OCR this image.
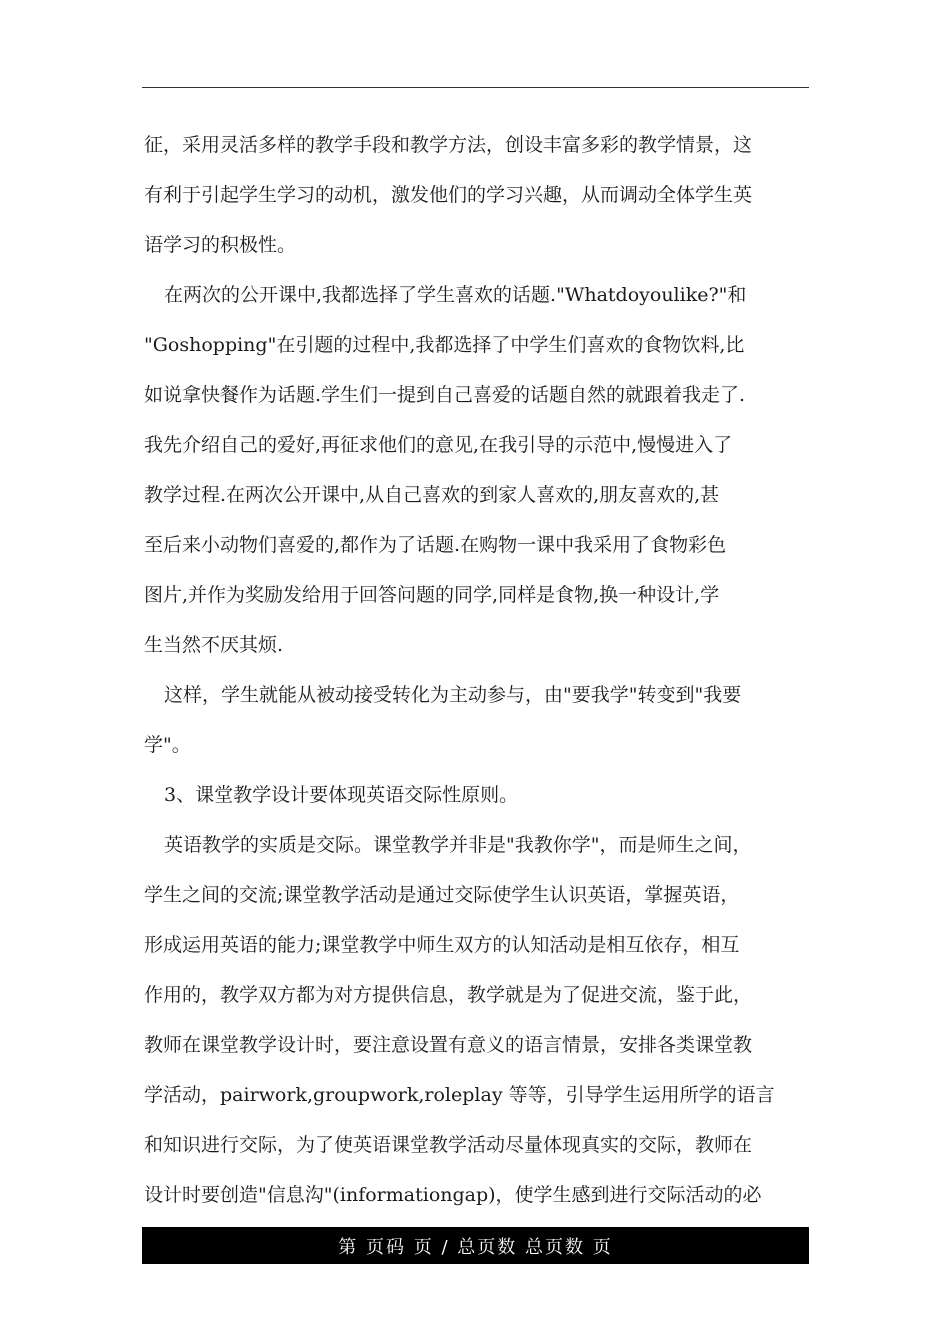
征，采用灵活多样的教学手段和教学方法，创设丰富多彩的教学情景，这
有利于引起学生学习的动机，激发他们的学习兴趣，从而调动全体学生英
语学习的积极性。
在两次的公开课中,我都选择了学生喜欢的话题."Whatdoyoulike?"和
"Goshopping"在引题的过程中,我都选择了中学生们喜欢的食物饮料,比
如说拿快餐作为话题.学生们一提到自己喜爱的话题自然的就跟着我走了.
我先介绍自己的爱好,再征求他们的意见,在我引导的示范中,慢慢进入了
教学过程.在两次公开课中,从自己喜欢的到家人喜欢的,朋友喜欢的,甚
至后来小动物们喜爱的,都作为了话题.在购物一课中我采用了食物彩色
图片,并作为奖励发给用于回答问题的同学,同样是食物,换一种设计,学
生当然不厌其烦.
这样，学生就能从被动接受转化为主动参与，由"要我学"转变到"我要
学"。
3、课堂教学设计要体现英语交际性原则。
英语教学的实质是交际。课堂教学并非是"我教你学"，而是师生之间，
学生之间的交流;课堂教学活动是通过交际使学生认识英语，掌握英语，
形成运用英语的能力;课堂教学中师生双方的认知活动是相互依存，相互
作用的，教学双方都为对方提供信息，教学就是为了促进交流，鉴于此，
教师在课堂教学设计时，要注意设置有意义的语言情景，安排各类课堂教
学活动，pairwork,groupwork,roleplay 等等，引导学生运用所学的语言
和知识进行交际，为了使英语课堂教学活动尽量体现真实的交际，教师在
设计时要创造"信息沟"(informationgap)，使学生感到进行交际活动的必
第 页码 页 / 总页数 总页数 页
